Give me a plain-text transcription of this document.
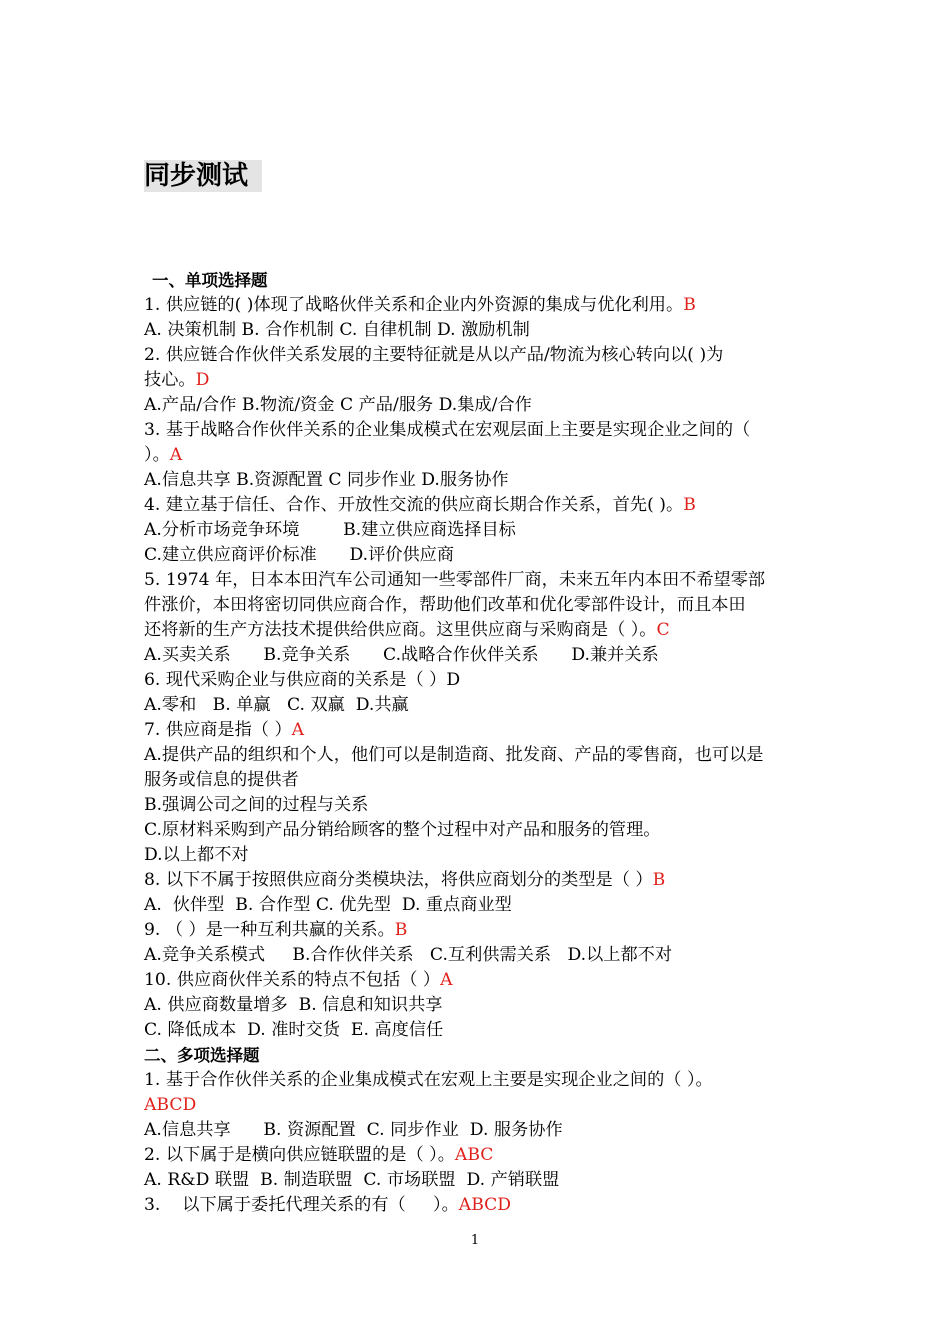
同步测试
一、单项选择题
1. 供应链的( )体现了战略伙伴关系和企业内外资源的集成与优化利用。B
A. 决策机制 B. 合作机制 C. 自律机制 D. 激励机制
2. 供应链合作伙伴关系发展的主要特征就是从以产品/物流为核心转向以( )为
技心。D
A.产品/合作 B.物流/资金 C 产品/服务 D.集成/合作
3. 基于战略合作伙伴关系的企业集成模式在宏观层面上主要是实现企业之间的（
）。A
A.信息共享 B.资源配置 C 同步作业 D.服务协作
4. 建立基于信任、合作、开放性交流的供应商长期合作关系，首先( )。B
A.分析市场竞争环境        B.建立供应商选择目标
C.建立供应商评价标准      D.评价供应商
5. 1974 年，日本本田汽车公司通知一些零部件厂商，未来五年内本田不希望零部
件涨价，本田将密切同供应商合作，帮助他们改革和优化零部件设计，而且本田
还将新的生产方法技术提供给供应商。这里供应商与采购商是（ ）。C
A.买卖关系      B.竞争关系      C.战略合作伙伴关系      D.兼并关系
6. 现代采购企业与供应商的关系是（ ）D
A.零和   B. 单赢   C. 双赢  D.共赢
7. 供应商是指（ ）A
A.提供产品的组织和个人，他们可以是制造商、批发商、产品的零售商，也可以是
服务或信息的提供者
B.强调公司之间的过程与关系
C.原材料采购到产品分销给顾客的整个过程中对产品和服务的管理。
D.以上都不对
8. 以下不属于按照供应商分类模块法，将供应商划分的类型是（ ）B
A.  伙伴型  B. 合作型 C. 优先型  D. 重点商业型
9. （ ）是一种互利共赢的关系。B
A.竞争关系模式     B.合作伙伴关系   C.互利供需关系   D.以上都不对
10. 供应商伙伴关系的特点不包括（ ）A
A. 供应商数量增多  B. 信息和知识共享
C. 降低成本  D. 准时交货  E. 高度信任
二、多项选择题
1. 基于合作伙伴关系的企业集成模式在宏观上主要是实现企业之间的（ ）。
ABCD
A.信息共享      B. 资源配置  C. 同步作业  D. 服务协作
2. 以下属于是横向供应链联盟的是（ ）。ABC
A. R&D 联盟  B. 制造联盟  C. 市场联盟  D. 产销联盟
3.    以下属于委托代理关系的有（     ）。ABCD
1
